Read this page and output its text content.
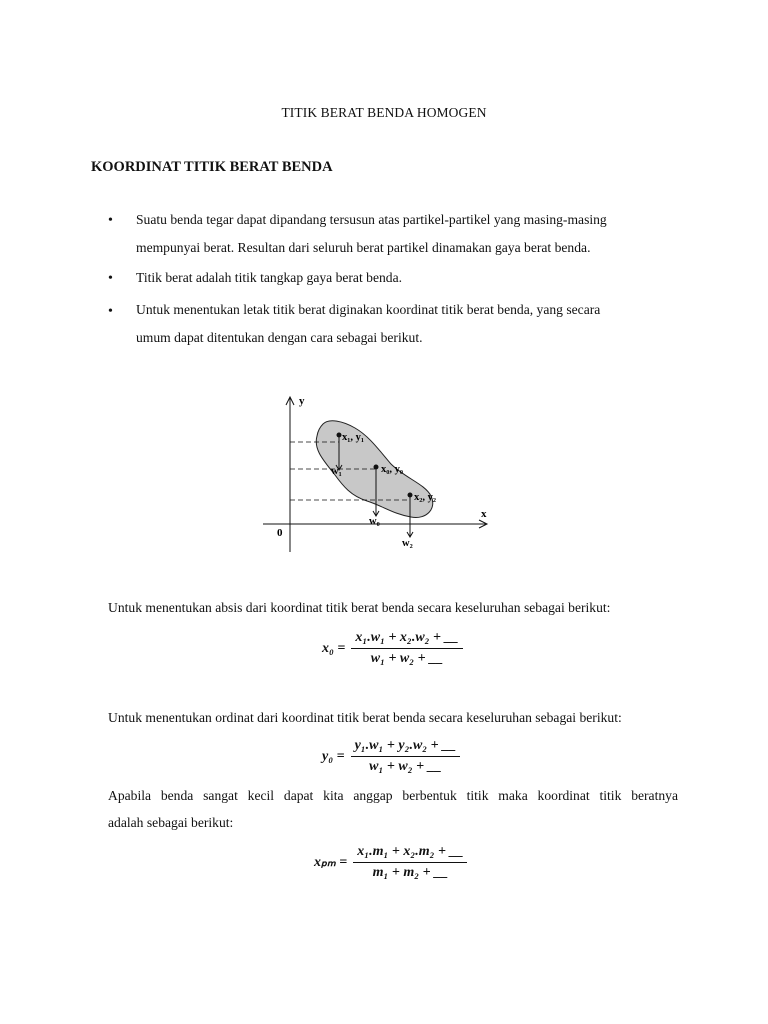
TITIK BERAT BENDA HOMOGEN
KOORDINAT TITIK BERAT BENDA
• Suatu benda tegar dapat dipandang tersusun atas partikel-partikel yang masing-masing
mempunyai berat. Resultan dari seluruh berat partikel dinamakan gaya berat benda.
• Titik berat adalah titik tangkap gaya berat benda.
• Untuk menentukan letak titik berat diginakan koordinat titik berat benda, yang secara
umum dapat ditentukan dengan cara sebagai berikut.
y
x
0
x₁, y₁
w₁	x₀, y₀
w₀
x₂, y₂
w₂
Untuk menentukan absis dari koordinat titik berat benda secara keseluruhan sebagai berikut:
$x_0 = \frac{\text{x₁.w₁ + x₂.w₂ + \_\_}}{\text{w₁ + w₂ + \_\_}}$
Untuk menentukan ordinat dari koordinat titik berat benda secara keseluruhan sebagai berikut:
$y_0 = \frac{\text{y₁.w₁ + y₂.w₂ + \_\_}}{\text{w₁ + w₂ + \_\_}}$
Apabila benda sangat kecil dapat kita anggap berbentuk titik maka koordinat titik beratnya
adalah sebagai berikut:
$x_{pm} = \frac{\text{x₁.m₁ + x₂.m₂ + \_\_}}{\text{m₁ + m₂ + \_\_}}$
